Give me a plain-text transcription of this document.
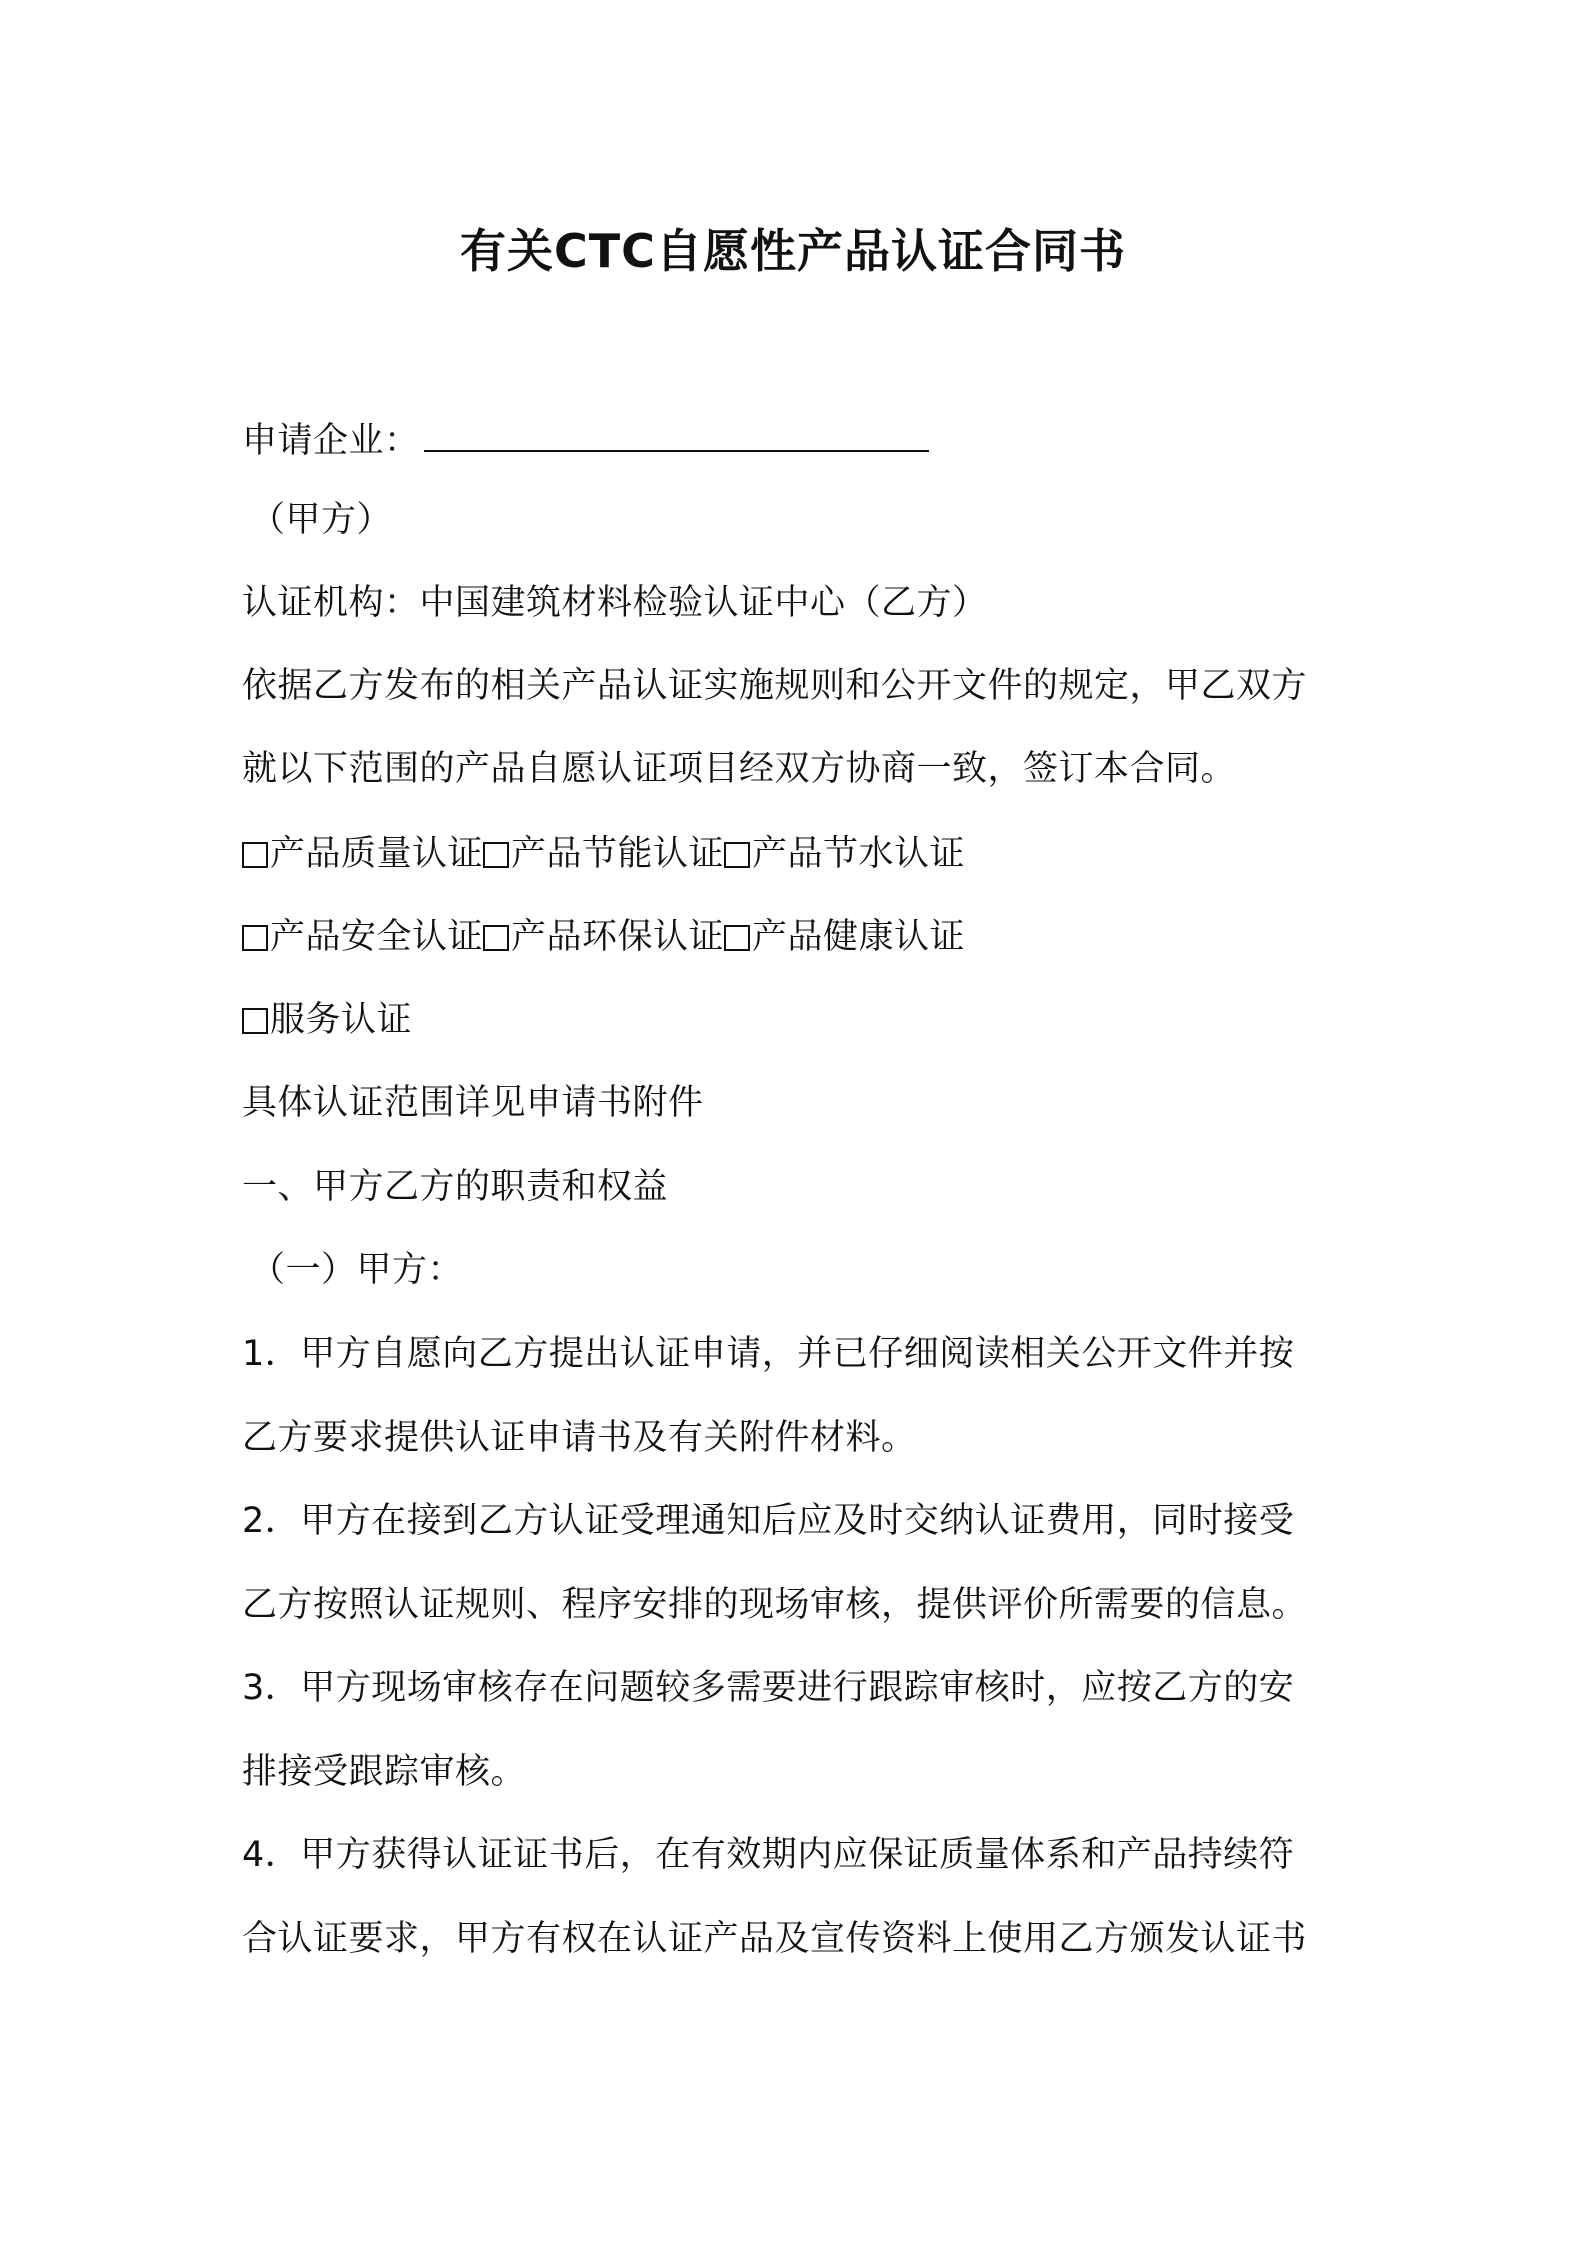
有关CTC自愿性产品认证合同书
申请企业：
（甲方）
认证机构：中国建筑材料检验认证中心（乙方）
依据乙方发布的相关产品认证实施规则和公开文件的规定，甲乙双方
就以下范围的产品自愿认证项目经双方协商一致，签订本合同。
产品质量认证 产品节能认证 产品节水认证
产品安全认证 产品环保认证 产品健康认证
服务认证
具体认证范围详见申请书附件
一、甲方乙方的职责和权益
（一）甲方：
1．甲方自愿向乙方提出认证申请，并已仔细阅读相关公开文件并按
乙方要求提供认证申请书及有关附件材料。
2．甲方在接到乙方认证受理通知后应及时交纳认证费用，同时接受
乙方按照认证规则、程序安排的现场审核，提供评价所需要的信息。
3．甲方现场审核存在问题较多需要进行跟踪审核时，应按乙方的安
排接受跟踪审核。
4．甲方获得认证证书后，在有效期内应保证质量体系和产品持续符
合认证要求，甲方有权在认证产品及宣传资料上使用乙方颁发认证书
